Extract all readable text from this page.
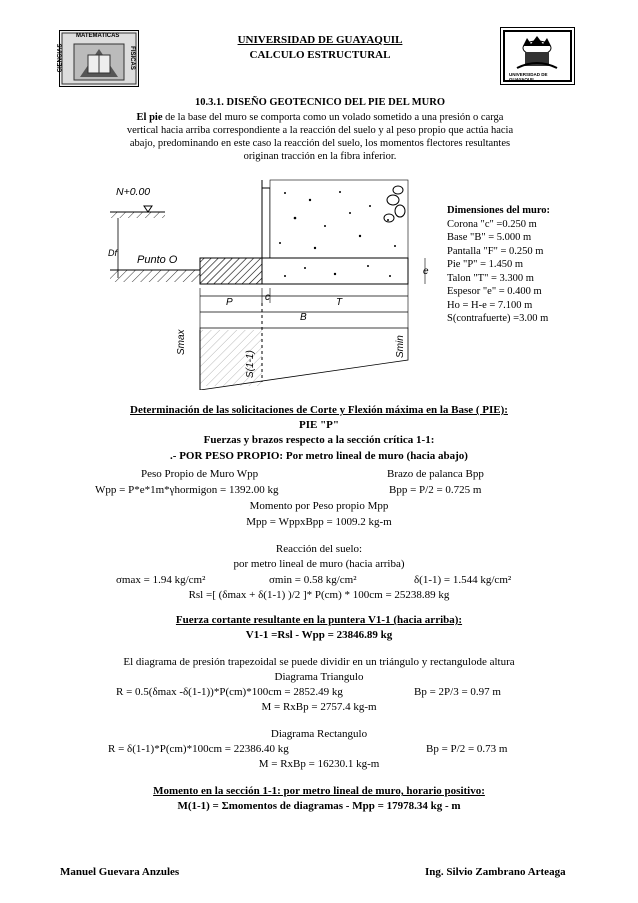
UNIVERSIDAD DE GUAYAQUIL
CALCULO ESTRUCTURAL
MATEMATICAS
CIENCIAS	FISICAS
UNIVERSIDAD DE GUAYAQUIL
10.3.1. DISEÑO GEOTECNICO DEL PIE DEL MURO
El pie de la base del muro se comporta como un volado sometido a una presión o carga
vertical hacia arriba correspondiente a la reacción del suelo y al peso propio que actúa hacia
abajo, predominando en este caso la reacción del suelo, los momentos flectores resultantes
originan tracción en la fibra inferior.
N+0.00
Df
Punto O
P	c	T
B
e
Smax
S(1-1)
Smin
Dimensiones del muro:
Corona "c" =0.250 m
Base "B" = 5.000 m
Pantalla "F" = 0.250 m
Pie "P" = 1.450 m
Talon "T" = 3.300 m
Espesor "e" = 0.400 m
Ho = H-e = 7.100 m
S(contrafuerte) =3.00 m
Determinación de las solicitaciones de Corte y Flexión máxima en la Base ( PIE):
PIE "P"
Fuerzas y brazos respecto a la sección crítica 1-1:
.- POR PESO PROPIO: Por metro lineal de muro (hacia abajo)
Peso Propio de Muro Wpp	Brazo de palanca Bpp
Wpp = P*e*1m*γhormigon = 1392.00 kg	Bpp = P/2 = 0.725 m
Momento por Peso propio Mpp
Mpp = WppxBpp = 1009.2 kg-m
Reacción del suelo:
por metro lineal de muro (hacia arriba)
σmax = 1.94 kg/cm²	σmin = 0.58 kg/cm²	δ(1-1) = 1.544 kg/cm²
Rsl =[ (δmax + δ(1-1) )/2 ]* P(cm) * 100cm = 25238.89 kg
Fuerza cortante resultante en la puntera V1-1 (hacia arriba):
V1-1 =Rsl - Wpp = 23846.89 kg
El diagrama de presión trapezoidal se puede dividir en un triángulo y rectangulode altura
Diagrama Triangulo
R = 0.5(δmax -δ(1-1))*P(cm)*100cm = 2852.49 kg	Bp = 2P/3 = 0.97 m
M = RxBp = 2757.4 kg-m
Diagrama Rectangulo
R = δ(1-1)*P(cm)*100cm = 22386.40 kg	Bp = P/2 = 0.73 m
M = RxBp = 16230.1 kg-m
Momento en la sección 1-1: por metro lineal de muro, horario positivo:
M(1-1) = Σmomentos de diagramas - Mpp = 17978.34 kg - m
Manuel Guevara Anzules	Ing. Silvio Zambrano Arteaga
